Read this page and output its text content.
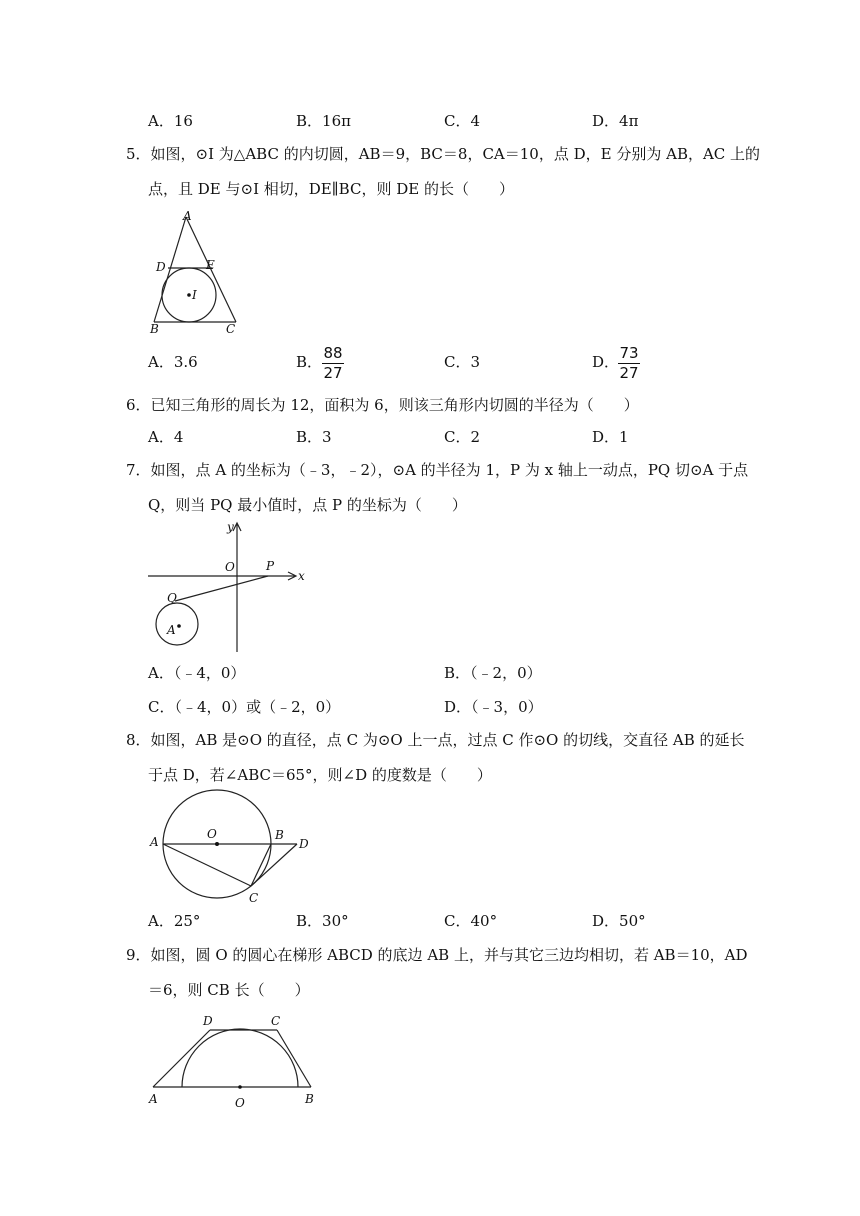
A．16	B．16π	C．4	D．4π
5．如图，⊙I 为△ABC 的内切圆，AB＝9，BC＝8，CA＝10，点 D，E 分别为 AB，AC 上的
点，且 DE 与⊙I 相切，DE∥BC，则 DE 的长（　　）
A
D	E
I
B	C
A．3.6	B． 88
27
C．3	D． 73
27
6．已知三角形的周长为 12，面积为 6，则该三角形内切圆的半径为（　　）
A．4	B．3	C．2	D．1
7．如图，点 A 的坐标为（﹣3，﹣2），⊙A 的半径为 1，P 为 x 轴上一动点，PQ 切⊙A 于点
Q，则当 PQ 最小值时，点 P 的坐标为（　　）
y
x
O	P
Q
A
A．（﹣4，0）	B．（﹣2，0）
C．（﹣4，0）或（﹣2，0）	D．（﹣3，0）
8．如图，AB 是⊙O 的直径，点 C 为⊙O 上一点，过点 C 作⊙O 的切线，交直径 AB 的延长
于点 D，若∠ABC＝65°，则∠D 的度数是（　　）
A
O	B
D
C
A．25°	B．30°	C．40°	D．50°
9．如图，圆 O 的圆心在梯形 ABCD 的底边 AB 上，并与其它三边均相切，若 AB＝10，AD
＝6，则 CB 长（　　）
D	C
A	O	B
